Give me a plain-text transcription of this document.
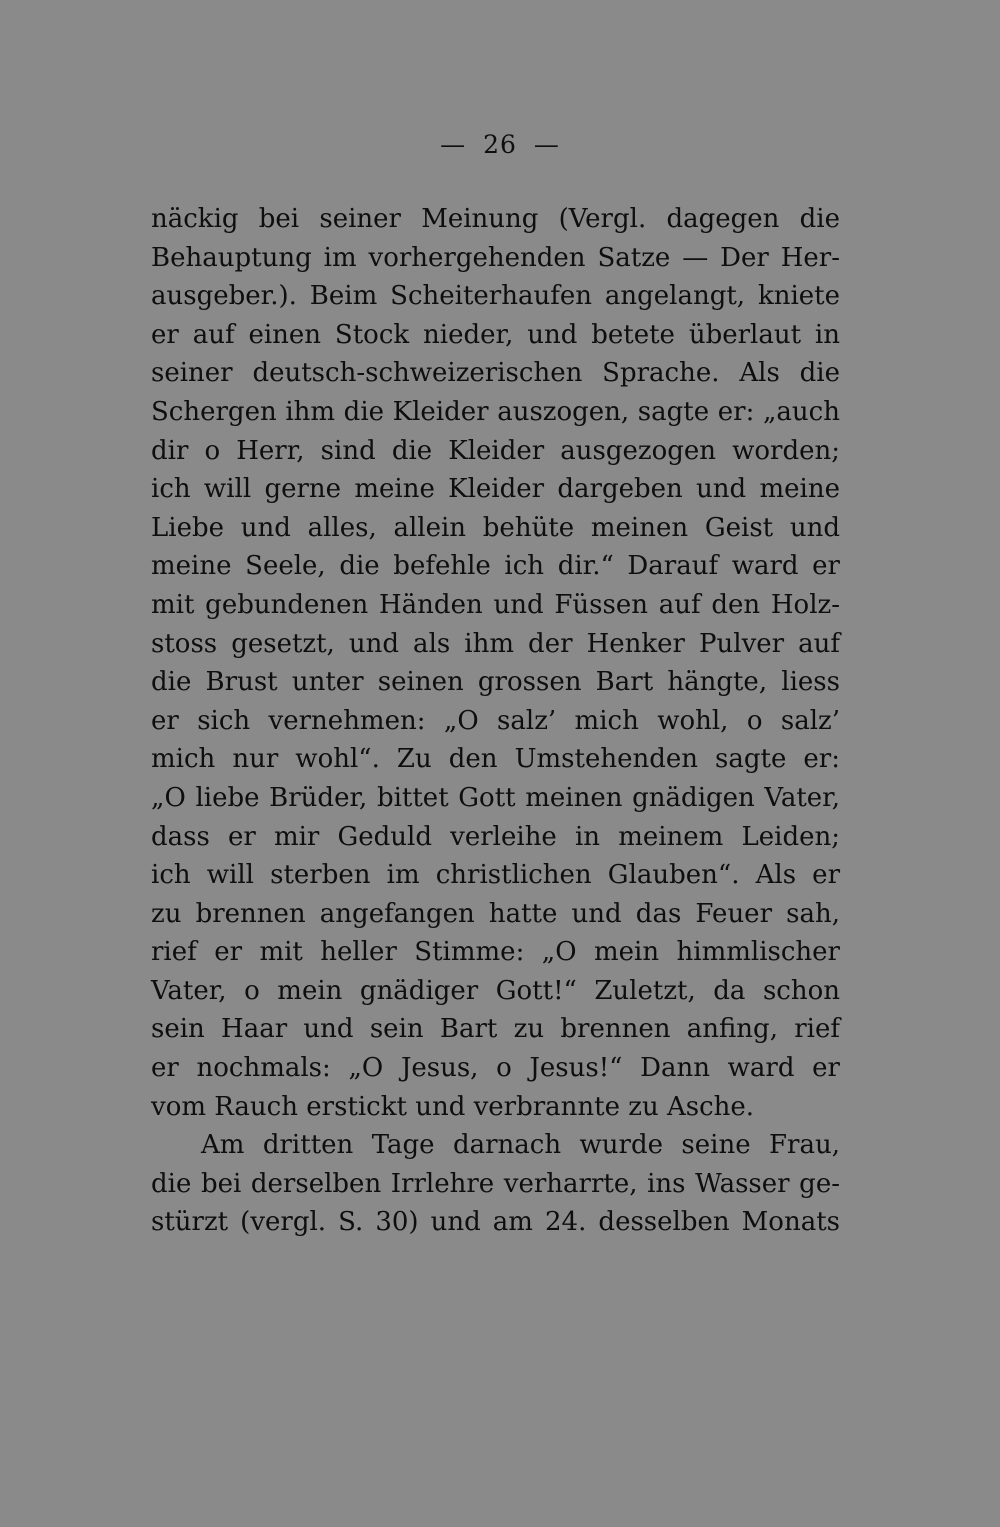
— 26 —
näckig bei seiner Meinung (Vergl. dagegen die
Behauptung im vorhergehenden Satze — Der Her-
ausgeber.). Beim Scheiterhaufen angelangt, kniete
er auf einen Stock nieder, und betete überlaut in
seiner deutsch-schweizerischen Sprache. Als die
Schergen ihm die Kleider auszogen, sagte er: „auch
dir o Herr, sind die Kleider ausgezogen worden;
ich will gerne meine Kleider dargeben und meine
Liebe und alles, allein behüte meinen Geist und
meine Seele, die befehle ich dir.“ Darauf ward er
mit gebundenen Händen und Füssen auf den Holz-
stoss gesetzt, und als ihm der Henker Pulver auf
die Brust unter seinen grossen Bart hängte, liess
er sich vernehmen: „O salz’ mich wohl, o salz’
mich nur wohl“. Zu den Umstehenden sagte er:
„O liebe Brüder, bittet Gott meinen gnädigen Vater,
dass er mir Geduld verleihe in meinem Leiden;
ich will sterben im christlichen Glauben“. Als er
zu brennen angefangen hatte und das Feuer sah,
rief er mit heller Stimme: „O mein himmlischer
Vater, o mein gnädiger Gott!“ Zuletzt, da schon
sein Haar und sein Bart zu brennen anfing, rief
er nochmals: „O Jesus, o Jesus!“ Dann ward er
vom Rauch erstickt und verbrannte zu Asche.
Am dritten Tage darnach wurde seine Frau,
die bei derselben Irrlehre verharrte, ins Wasser ge-
stürzt (vergl. S. 30) und am 24. desselben Monats
